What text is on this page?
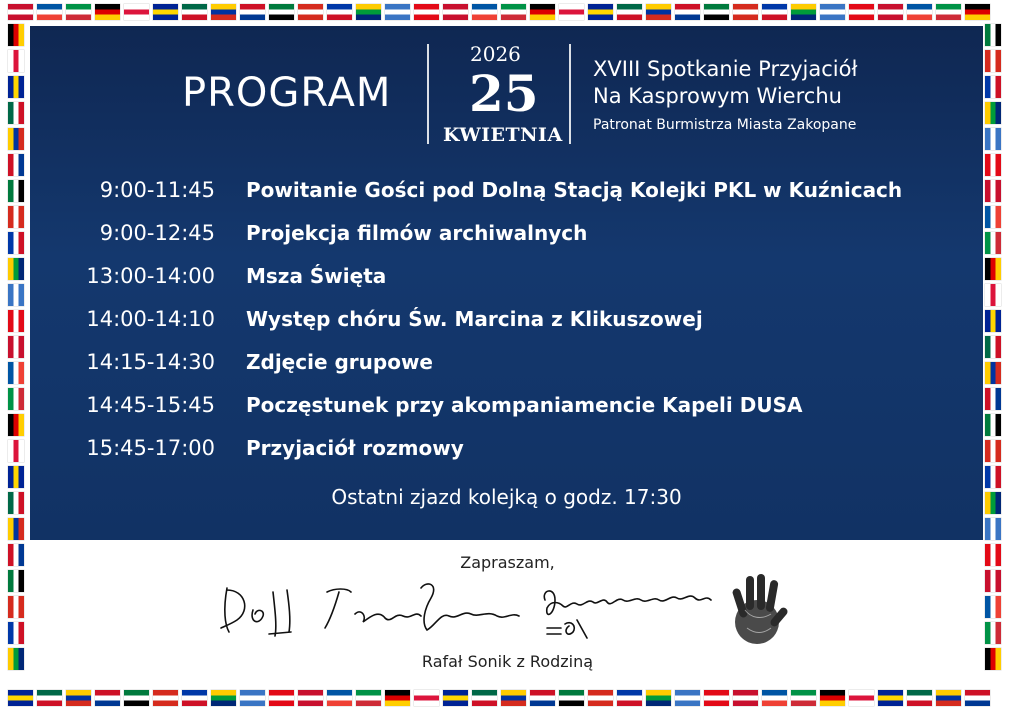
PROGRAM
2026
25
KWIETNIA
XVIII Spotkanie Przyjaciół
Na Kasprowym Wierchu
Patronat Burmistrza Miasta Zakopane
9:00-11:45 Powitanie Gości pod Dolną Stacją Kolejki PKL w Kuźnicach
9:00-12:45 Projekcja filmów archiwalnych
13:00-14:00 Msza Święta
14:00-14:10 Występ chóru Św. Marcina z Klikuszowej
14:15-14:30 Zdjęcie grupowe
14:45-15:45 Poczęstunek przy akompaniamencie Kapeli DUSA
15:45-17:00 Przyjaciół rozmowy
Ostatni zjazd kolejką o godz. 17:30
Zapraszam,
Rafał Sonik z Rodziną
